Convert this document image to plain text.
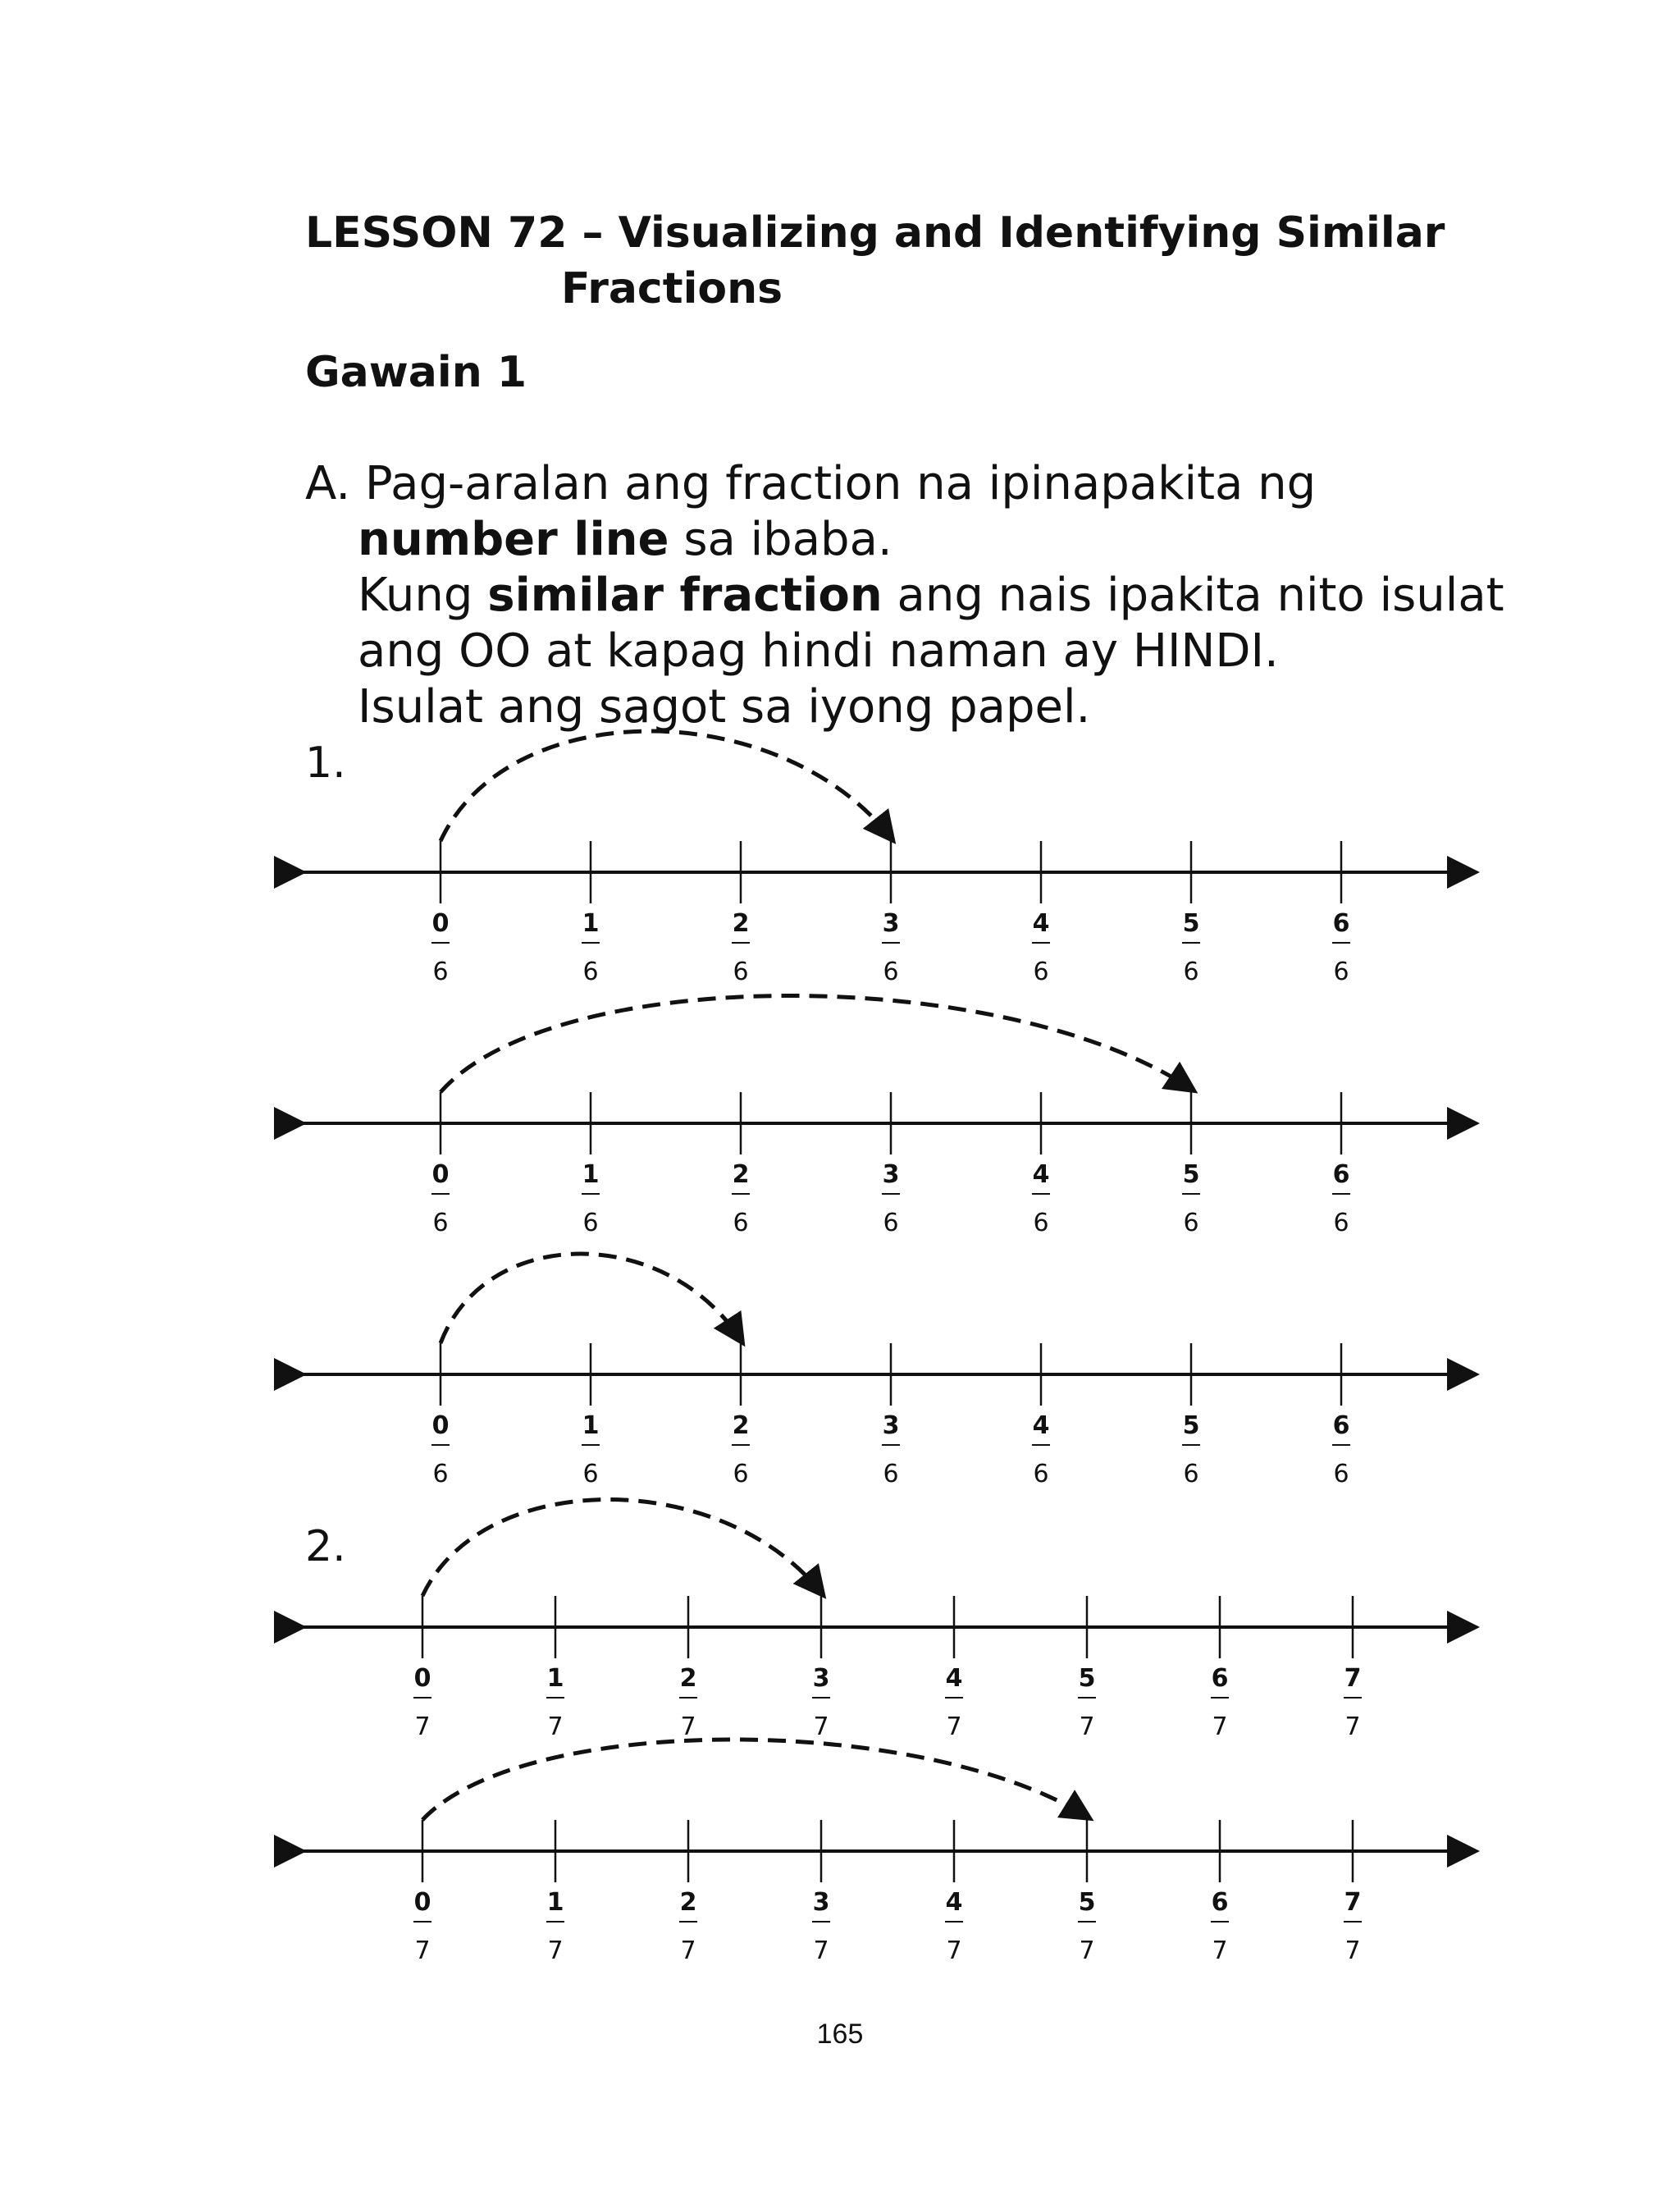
LESSON 72 – Visualizing and Identifying Similar
Fractions
Gawain 1
A. Pag-aralan ang fraction na ipinapakita ng
number line sa ibaba.
Kung similar fraction ang nais ipakita nito isulat
ang OO at kapag hindi naman ay HINDI.
Isulat ang sagot sa iyong papel.
1.
2.
0
6
1
6
2
6
3
6
4
6
5
6
6
6
0
6
1
6
2
6
3
6
4
6
5
6
6
6
0
6
1
6
2
6
3
6
4
6
5
6
6
6
0
7
1
7
2
7
3
7
4
7
5
7
6
7
7
7
0
7
1
7
2
7
3
7
4
7
5
7
6
7
7
7
165
